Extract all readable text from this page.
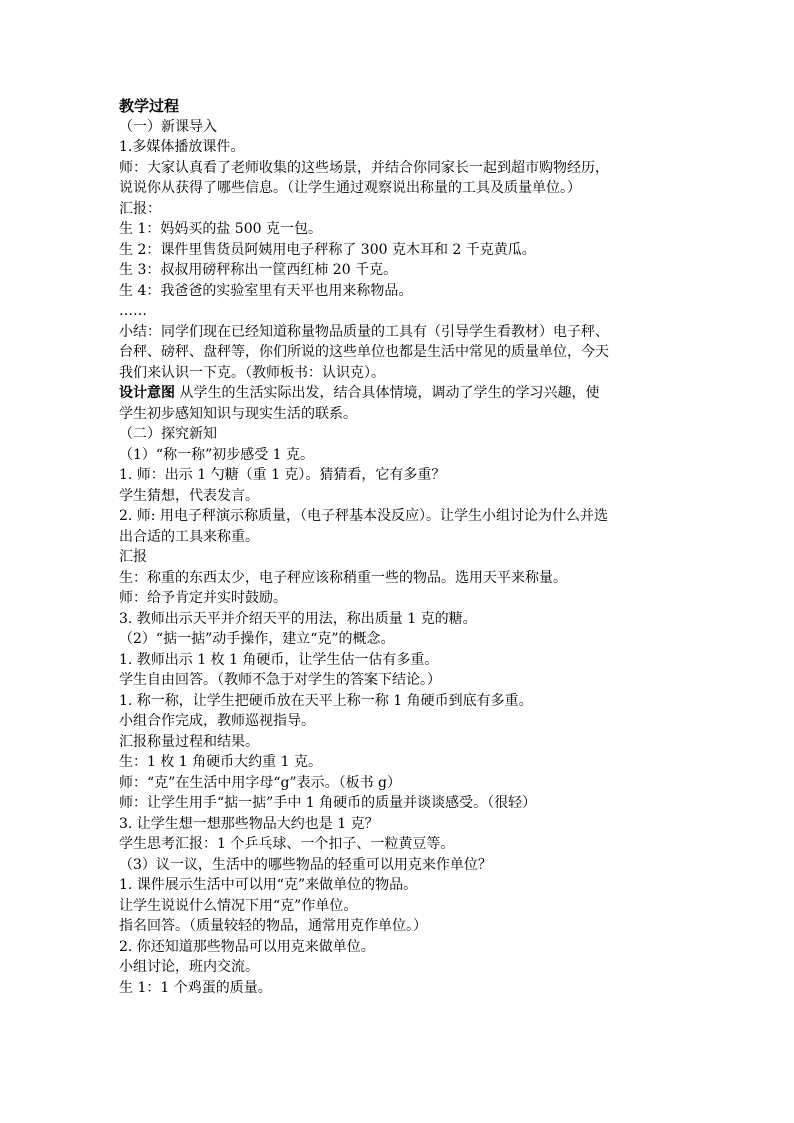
教学过程
（一）新课导入
1.多媒体播放课件。
师：大家认真看了老师收集的这些场景，并结合你同家长一起到超市购物经历，
说说你从获得了哪些信息。（让学生通过观察说出称量的工具及质量单位。）
汇报：
生 1：妈妈买的盐 500 克一包。
生 2：课件里售货员阿姨用电子秤称了 300 克木耳和 2 千克黄瓜。
生 3：叔叔用磅秤称出一筐西红柿 20 千克。
生 4：我爸爸的实验室里有天平也用来称物品。
……
小结：同学们现在已经知道称量物品质量的工具有（引导学生看教材）电子秤、
台秤、磅秤、盘秤等，你们所说的这些单位也都是生活中常见的质量单位，今天
我们来认识一下克。（教师板书：认识克）。
设计意图 从学生的生活实际出发，结合具体情境，调动了学生的学习兴趣，使
学生初步感知知识与现实生活的联系。
（二）探究新知
（1）“称一称”初步感受 1 克。
1. 师：出示 1 勺糖（重 1 克）。猜猜看，它有多重？
学生猜想，代表发言。
2. 师: 用电子秤演示称质量，（电子秤基本没反应）。让学生小组讨论为什么并选
出合适的工具来称重。
汇报
生：称重的东西太少，电子秤应该称稍重一些的物品。选用天平来称量。
师：给予肯定并实时鼓励。
3. 教师出示天平并介绍天平的用法，称出质量 1 克的糖。
（2）“掂一掂”动手操作，建立“克”的概念。
1. 教师出示 1 枚 1 角硬币，让学生估一估有多重。
学生自由回答。（教师不急于对学生的答案下结论。）
1. 称一称，让学生把硬币放在天平上称一称 1 角硬币到底有多重。
小组合作完成，教师巡视指导。
汇报称量过程和结果。
生：1 枚 1 角硬币大约重 1 克。
师：“克”在生活中用字母“g”表示。（板书 g）
师：让学生用手“掂一掂”手中 1 角硬币的质量并谈谈感受。（很轻）
3. 让学生想一想那些物品大约也是 1 克？
学生思考汇报：1 个乒乓球、一个扣子、一粒黄豆等。
（3）议一议，生活中的哪些物品的轻重可以用克来作单位？
1. 课件展示生活中可以用“克”来做单位的物品。
让学生说说什么情况下用“克”作单位。
指名回答。（质量较轻的物品，通常用克作单位。）
2. 你还知道那些物品可以用克来做单位。
小组讨论，班内交流。
生 1：1 个鸡蛋的质量。
